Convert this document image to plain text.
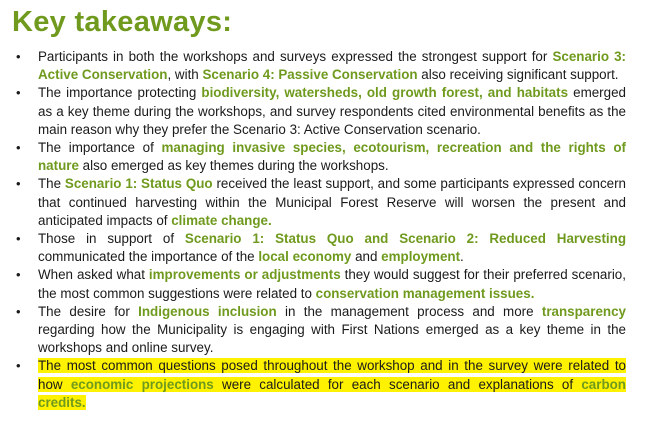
Key takeaways:
• Participants in both the workshops and surveys expressed the strongest support for Scenario 3: Active Conservation, with Scenario 4: Passive Conservation also receiving significant support.
• The importance protecting biodiversity, watersheds, old growth forest, and habitats emerged as a key theme during the workshops, and survey respondents cited environmental benefits as the main reason why they prefer the Scenario 3: Active Conservation scenario.
• The importance of managing invasive species, ecotourism, recreation and the rights of nature also emerged as key themes during the workshops.
• The Scenario 1: Status Quo received the least support, and some participants expressed concern that continued harvesting within the Municipal Forest Reserve will worsen the present and anticipated impacts of climate change.
• Those in support of Scenario 1: Status Quo and Scenario 2: Reduced Harvesting communicated the importance of the local economy and employment.
• When asked what improvements or adjustments they would suggest for their preferred scenario, the most common suggestions were related to conservation management issues.
• The desire for Indigenous inclusion in the management process and more transparency regarding how the Municipality is engaging with First Nations emerged as a key theme in the workshops and online survey.
• The most common questions posed throughout the workshop and in the survey were related to how economic projections were calculated for each scenario and explanations of carbon credits.
